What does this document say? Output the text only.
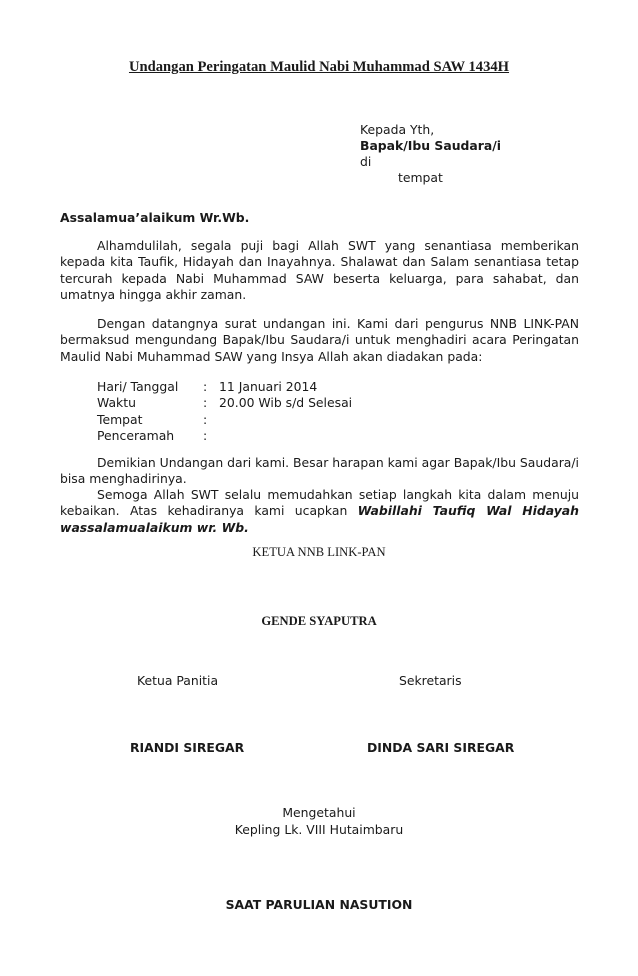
Undangan Peringatan Maulid Nabi Muhammad SAW 1434H
Kepada Yth,
Bapak/Ibu Saudara/i
di
tempat
Assalamua’alaikum Wr.Wb.
Alhamdulilah, segala puji bagi Allah SWT yang senantiasa memberikan kepada kita Taufik, Hidayah dan Inayahnya. Shalawat dan Salam senantiasa tetap tercurah kepada Nabi Muhammad SAW beserta keluarga, para sahabat, dan umatnya hingga akhir zaman.
Dengan datangnya surat undangan ini. Kami dari pengurus NNB LINK-PAN bermaksud mengundang Bapak/Ibu Saudara/i untuk menghadiri acara Peringatan Maulid Nabi Muhammad SAW yang Insya Allah akan diadakan pada:
Hari/ Tanggal	: 11 Januari 2014
Waktu	: 20.00 Wib s/d Selesai
Tempat	:
Penceramah	:
Demikian Undangan dari kami. Besar harapan kami agar Bapak/Ibu Saudara/i bisa menghadirinya.
Semoga Allah SWT selalu memudahkan setiap langkah kita dalam menuju kebaikan. Atas kehadiranya kami ucapkan Wabillahi Taufiq Wal Hidayah wassalamualaikum wr. Wb.
KETUA NNB LINK-PAN
GENDE SYAPUTRA
Ketua Panitia	Sekretaris
RIANDI SIREGAR	DINDA SARI SIREGAR
Mengetahui
Kepling Lk. VIII Hutaimbaru
SAAT PARULIAN NASUTION
